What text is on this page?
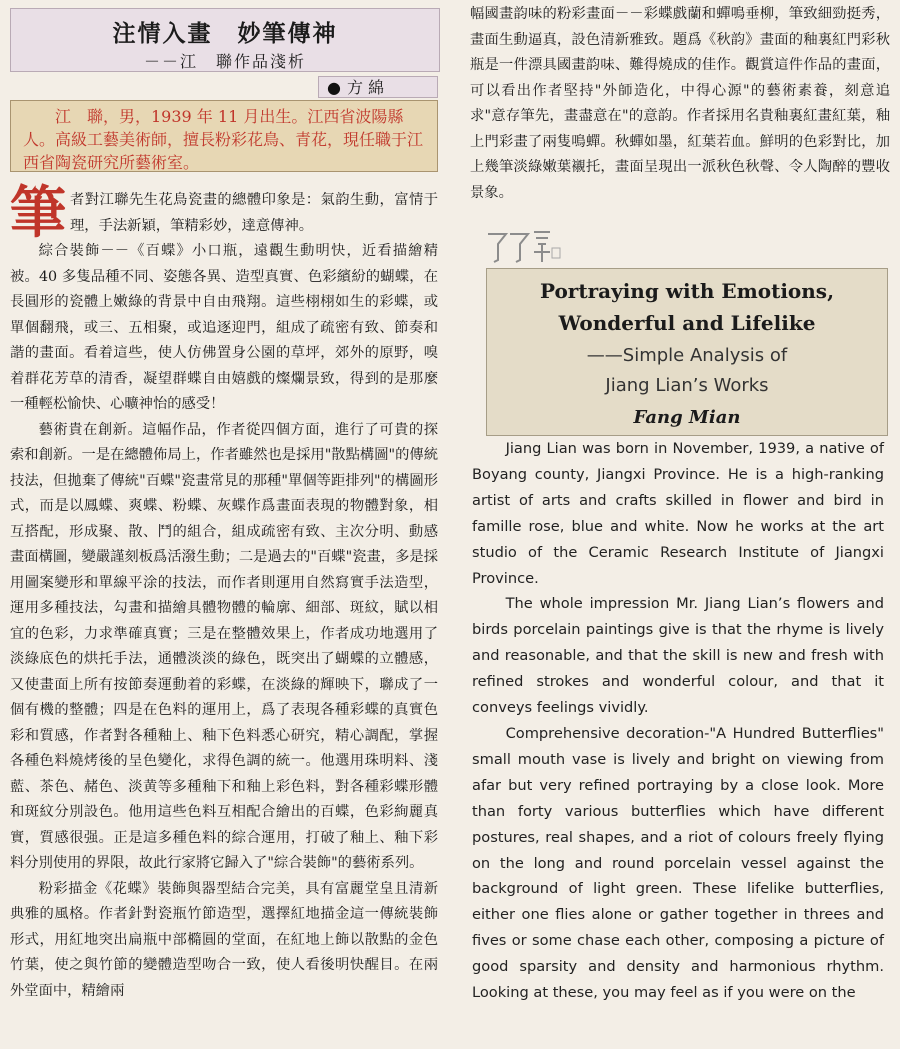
注情入畫　妙筆傳神
－－江　聯作品淺析
● 方 綿
江　聯，男，1939 年 11 月出生。江西省波陽縣人。高級工藝美術師，擅長粉彩花鳥、青花，現任職于江西省陶瓷研究所藝術室。

筆者對江聯先生花鳥瓷畫的總體印象是：氣韵生動，富情于理，手法新穎，筆精彩妙，達意傳神。

綜合裝飾－－《百蝶》小口瓶，遠觀生動明快，近看描繪精被。40 多隻品種不同、姿態各異、造型真實、色彩繽紛的蝴蝶，在長圓形的瓷體上嫩綠的背景中自由飛翔。這些栩栩如生的彩蝶，或單個翻飛，或三、五相聚，或追逐迎門，組成了疏密有致、節奏和諧的畫面。看着這些，使人仿佛置身公園的草坪，郊外的原野，嗅着群花芳草的清香，凝望群蝶自由嬉戲的燦爛景致，得到的是那麼一種輕松愉快、心曠神怡的感受！

藝術貴在創新。這幅作品，作者從四個方面，進行了可貴的探索和創新。一是在總體佈局上，作者雖然也是採用"散點構圖"的傳統技法，但拋棄了傳統"百蝶"瓷畫常見的那種"單個等距排列"的構圖形式，而是以鳳蝶、爽蝶、粉蝶、灰蝶作爲畫面表現的物體對象，相互搭配，形成聚、散、鬥的組合，組成疏密有致、主次分明、動感畫面構圖，變嚴謹刻板爲活潑生動；二是過去的"百蝶"瓷畫，多是採用圖案變形和單線平涂的技法，而作者則運用自然寫實手法造型，運用多種技法，勾畫和描繪具體物體的輪廓、細部、斑紋，賦以相宜的色彩，力求準確真實；三是在整體效果上，作者成功地選用了淡綠底色的烘托手法，通體淡淡的綠色，既突出了蝴蝶的立體感，又使畫面上所有按節奏運動着的彩蝶，在淡綠的輝映下，聯成了一個有機的整體；四是在色料的運用上，爲了表現各種彩蝶的真實色彩和質感，作者對各種釉上、釉下色料悉心研究，精心調配，掌握各種色料燒烤後的呈色變化，求得色調的統一。他選用珠明料、淺藍、茶色、赭色、淡黄等多種釉下和釉上彩色料，對各種彩蝶形體和斑紋分別設色。他用這些色料互相配合繪出的百蝶，色彩絢麗真實，質感很强。正是這多種色料的綜合運用，打破了釉上、釉下彩料分別使用的界限，故此行家將它歸入了"綜合裝飾"的藝術系列。

粉彩描金《花蝶》裝飾與器型結合完美，具有富麗堂皇且清新典雅的風格。作者針對瓷瓶竹節造型，選擇紅地描金這一傳統裝飾形式，用紅地突出扁瓶中部橢圓的堂面，在紅地上飾以散點的金色竹葉，使之與竹節的變體造型吻合一致，使人看後明快醒目。在兩外堂面中，精繪兩

幅國畫韵味的粉彩畫面－－彩蝶戲蘭和蟬鳴垂柳，筆致細勁挺秀，畫面生動逼真，設色清新雅致。題爲《秋韵》畫面的釉裏紅門彩秋瓶是一件漂具國畫韵味、難得燒成的佳作。觀賞這件作品的畫面，可以看出作者堅持"外師造化，中得心源"的藝術素養，刻意追求"意存筆先，畫盡意在"的意韵。作者採用名貴釉裏紅畫紅葉，釉上門彩畫了兩隻鳴蟬。秋蟬如墨，紅葉若血。鮮明的色彩對比，加上幾筆淡綠嫩葉襯托，畫面呈現出一派秋色秋聲、令人陶醉的豐收景象。

Portraying with Emotions,
Wonderful and Lifelike
——Simple Analysis of
Jiang Lian’s Works
Fang Mian

Jiang Lian was born in November, 1939, a native of Boyang county, Jiangxi Province. He is a high-ranking artist of arts and crafts skilled in flower and bird in famille rose, blue and white. Now he works at the art studio of the Ceramic Research Institute of Jiangxi Province.

The whole impression Mr. Jiang Lian’s flowers and birds porcelain paintings give is that the rhyme is lively and reasonable, and that the skill is new and fresh with refined strokes and wonderful colour, and that it conveys feelings vividly.

Comprehensive decoration-"A Hundred Butterflies" small mouth vase is lively and bright on viewing from afar but very refined portraying by a close look. More than forty various butterflies which have different postures, real shapes, and a riot of colours freely flying on the long and round porcelain vessel against the background of light green. These lifelike butterflies, either one flies alone or gather together in threes and fives or some chase each other, composing a picture of good sparsity and density and harmonious rhythm. Looking at these, you may feel as if you were on the
